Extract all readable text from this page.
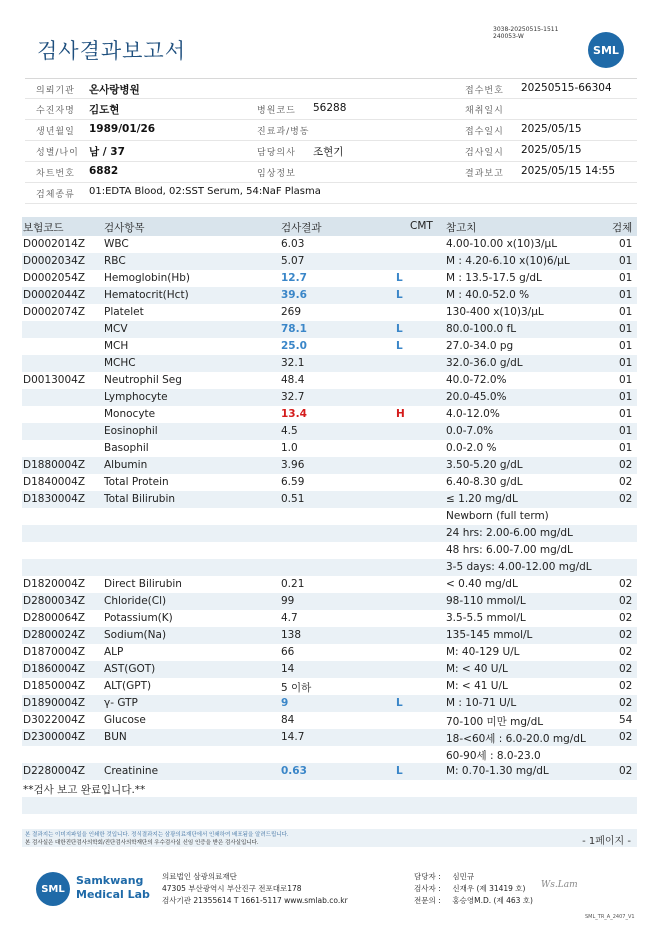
3038-20250515-1511
240053-W
검사결과보고서	SML
의뢰기관 온사랑병원	접수번호 20250515-66304
수진자명 김도현	병원코드 56288	채취일시
생년월일 1989/01/26	진료과/병동	접수일시 2025/05/15
성별/나이 남 / 37	담당의사 조현기	검사일시 2025/05/15
차트번호 6882	임상정보	결과보고 2025/05/15 14:55
검체종류 01:EDTA Blood, 02:SST Serum, 54:NaF Plasma
보험코드	검사항목	검사결과	CMT 참고치	검체
D0002014Z WBC	6.03	4.00-10.00 x(10)3/µL	01
D0002034Z RBC	5.07	M : 4.20-6.10 x(10)6/µL	01
D0002054Z Hemoglobin(Hb)	12.7	L	M : 13.5-17.5 g/dL	01
D0002044Z Hematocrit(Hct)	39.6	L	M : 40.0-52.0 %	01
D0002074Z Platelet	269	130-400 x(10)3/µL	01
MCV	78.1	L	80.0-100.0 fL	01
MCH	25.0	L	27.0-34.0 pg	01
MCHC	32.1	32.0-36.0 g/dL	01
D0013004Z Neutrophil Seg	48.4	40.0-72.0%	01
Lymphocyte	32.7	20.0-45.0%	01
Monocyte	13.4	H	4.0-12.0%	01
Eosinophil	4.5	0.0-7.0%	01
Basophil	1.0	0.0-2.0 %	01
D1880004Z Albumin	3.96	3.50-5.20 g/dL	02
D1840004Z Total Protein	6.59	6.40-8.30 g/dL	02
D1830004Z Total Bilirubin	0.51	≤ 1.20 mg/dL	02
Newborn (full term)
24 hrs: 2.00-6.00 mg/dL
48 hrs: 6.00-7.00 mg/dL
3-5 days: 4.00-12.00 mg/dL
D1820004Z Direct Bilirubin	0.21	< 0.40 mg/dL	02
D2800034Z Chloride(Cl)	99	98-110 mmol/L	02
D2800064Z Potassium(K)	4.7	3.5-5.5 mmol/L	02
D2800024Z Sodium(Na)	138	135-145 mmol/L	02
D1870004Z ALP	66	M: 40-129 U/L	02
D1860004Z AST(GOT)	14	M: < 40 U/L	02
D1850004Z ALT(GPT)	5 이하	M: < 41 U/L	02
D1890004Z γ- GTP	9	L	M : 10-71 U/L	02
D3022004Z Glucose	84	70-100 미만 mg/dL	54
D2300004Z BUN	14.7	18-<60세 : 6.0-20.0 mg/dL	02
60-90세 : 8.0-23.0
D2280004Z Creatinine	0.63	L	M: 0.70-1.30 mg/dL	02
**검사 보고 완료입니다.**
본 결과지는 이미지파일을 인쇄한 것입니다. 정식결과지는 삼광의료재단에서 인쇄하여 배포됨을 알려드립니다.
본 검사실은 대한진단검사의학회/진단검사의학재단의 우수검사실 신임 인증을 받은 검사실입니다.	- 1페이지 -
SML
Samkwang
Medical Lab
의료법인 삼광의료재단
47305 부산광역시 부산진구 전포대로178
검사기관 21355614 T 1661-5117 www.smlab.co.kr
담당자 : 심민규
검사자 : 신재우 (제 31419 호)
전문의 : 홍승영M.D. (제 463 호)
Ws.Lam
SML_TR_A_2407_V1
